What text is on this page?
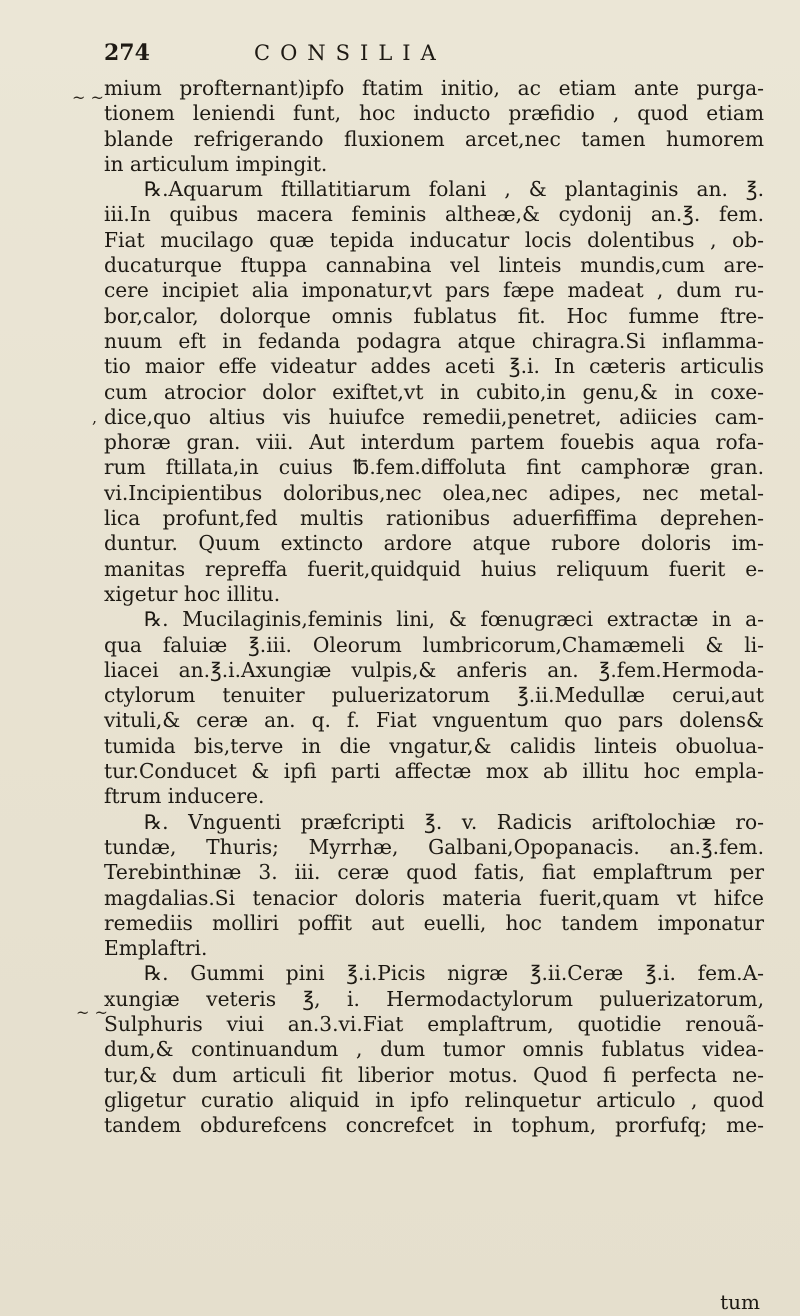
274	CONSILIA
mium profternant)ipfo ftatim initio, ac etiam ante purga-
tionem leniendi funt, hoc inducto præfidio , quod etiam
blande refrigerando fluxionem arcet,nec tamen humorem
in articulum impingit.
℞.Aquarum ftillatitiarum folani , & plantaginis an. ℥.
iii.In quibus macera feminis altheæ,& cydonij an.℥. fem.
Fiat mucilago quæ tepida inducatur locis dolentibus , ob-
ducaturque ftuppa cannabina vel linteis mundis,cum are-
cere incipiet alia imponatur,vt pars fæpe madeat , dum ru-
bor,calor, dolorque omnis fublatus fit. Hoc fumme ftre-
nuum eft in fedanda podagra atque chiragra.Si inflamma-
tio maior effe videatur addes aceti ℥.i. In cæteris articulis
cum atrocior dolor exiftet,vt in cubito,in genu,& in coxe-
dice,quo altius vis huiufce remedii,penetret, adiicies cam-
phoræ gran. viii. Aut interdum partem fouebis aqua rofa-
rum ftillata,in cuius ℔.fem.diffoluta fint camphoræ gran.
vi.Incipientibus doloribus,nec olea,nec adipes, nec metal-
lica profunt,fed multis rationibus aduerfiffima deprehen-
duntur. Quum extincto ardore atque rubore doloris im-
manitas repreffa fuerit,quidquid huius reliquum fuerit e-
xigetur hoc illitu.
℞. Mucilaginis,feminis lini, & fœnugræci extractæ in a-
qua faluiæ ℥.iii. Oleorum lumbricorum,Chamæmeli & li-
liacei an.℥.i.Axungiæ vulpis,& anferis an. ℥.fem.Hermoda-
ctylorum tenuiter puluerizatorum ℥.ii.Medullæ cerui,aut
vituli,& ceræ an. q. f. Fiat vnguentum quo pars dolens&
tumida bis,terve in die vngatur,& calidis linteis obuolua-
tur.Conducet & ipfi parti affectæ mox ab illitu hoc empla-
ftrum inducere.
℞. Vnguenti præfcripti ℥. v. Radicis ariftolochiæ ro-
tundæ, Thuris; Myrrhæ, Galbani,Opopanacis. an.℥.fem.
Terebinthinæ 3. iii. ceræ quod fatis, fiat emplaftrum per
magdalias.Si tenacior doloris materia fuerit,quam vt hifce
remediis molliri poffit aut euelli, hoc tandem imponatur
Emplaftri.
℞. Gummi pini ℥.i.Picis nigræ ℥.ii.Ceræ ℥.i. fem.A-
xungiæ veteris ℥, i. Hermodactylorum puluerizatorum,
Sulphuris viui an.3.vi.Fiat emplaftrum, quotidie renouã-
dum,& continuandum , dum tumor omnis fublatus videa-
tur,& dum articuli fit liberior motus. Quod fi perfecta ne-
gligetur curatio aliquid in ipfo relinquetur articulo , quod
tandem obdurefcens concrefcet in tophum, prorfufq; me-
~ ~
~ ~
,
tum
